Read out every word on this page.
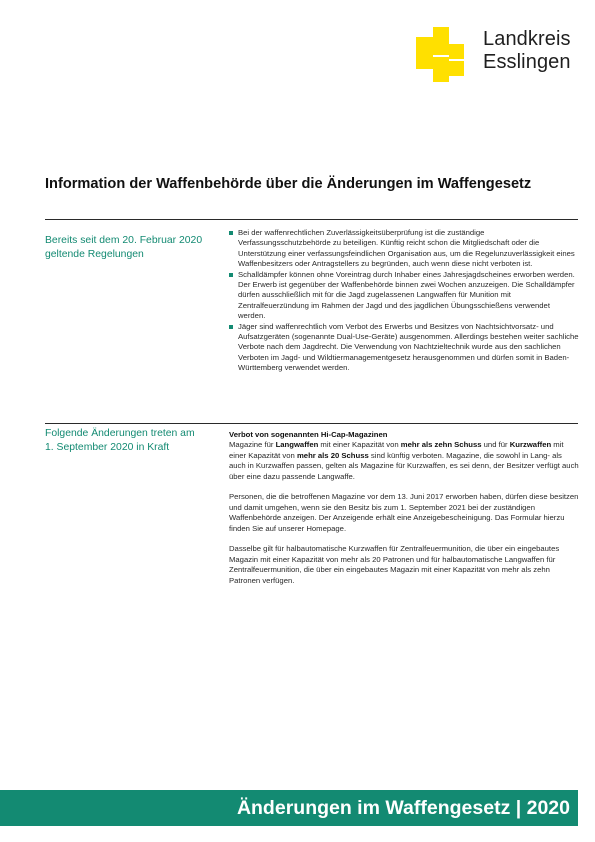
Landkreis
Esslingen
Information der Waffenbehörde über die Änderungen im Waffengesetz
Bereits seit dem 20. Februar 2020
geltende Regelungen
Bei der waffenrechtlichen Zuverlässigkeitsüberprüfung ist die zuständige Verfassungsschutzbehörde zu beteiligen. Künftig reicht schon die Mitgliedschaft oder die Unterstützung einer verfassungsfeindlichen Organisation aus, um die Regelunzuverlässigkeit eines Waffenbesitzers oder Antragstellers zu begründen, auch wenn diese nicht verboten ist.
Schalldämpfer können ohne Voreintrag durch Inhaber eines Jahresjagdscheines erworben werden. Der Erwerb ist gegenüber der Waffenbehörde binnen zwei Wochen anzuzeigen. Die Schalldämpfer dürfen ausschließlich mit für die Jagd zugelassenen Langwaffen für Munition mit Zentralfeuerzündung im Rahmen der Jagd und des jagdlichen Übungsschießens verwendet werden.
Jäger sind waffenrechtlich vom Verbot des Erwerbs und Besitzes von Nachtsichtvorsatz- und Aufsatzgeräten (sogenannte Dual-Use-Geräte) ausgenommen. Allerdings bestehen weiter sachliche Verbote nach dem Jagdrecht. Die Verwendung von Nachtzieltechnik wurde aus den sachlichen Verboten im Jagd- und Wildtiermanagementgesetz herausgenommen und dürfen somit in Baden-Württemberg verwendet werden.
Folgende Änderungen treten am
1. September 2020 in Kraft

Verbot von sogenannten Hi-Cap-Magazinen

Magazine für Langwaffen mit einer Kapazität von mehr als zehn Schuss und für Kurzwaffen mit einer Kapazität von mehr als 20 Schuss sind künftig verboten. Magazine, die sowohl in Lang- als auch in Kurzwaffen passen, gelten als Magazine für Kurzwaffen, es sei denn, der Besitzer verfügt auch über eine dazu passende Langwaffe.

Personen, die die betroffenen Magazine vor dem 13. Juni 2017 erworben haben, dürfen diese besitzen und damit umgehen, wenn sie den Besitz bis zum 1. September 2021 bei der zuständigen Waffenbehörde anzeigen. Der Anzeigende erhält eine Anzeigebescheinigung. Das Formular hierzu finden Sie auf unserer Homepage.

Dasselbe gilt für halbautomatische Kurzwaffen für Zentralfeuermunition, die über ein eingebautes Magazin mit einer Kapazität von mehr als 20 Patronen und für halbautomatische Langwaffen für Zentralfeuermunition, die über ein eingebautes Magazin mit einer Kapazität von mehr als zehn Patronen verfügen.

Änderungen im Waffengesetz | 2020
